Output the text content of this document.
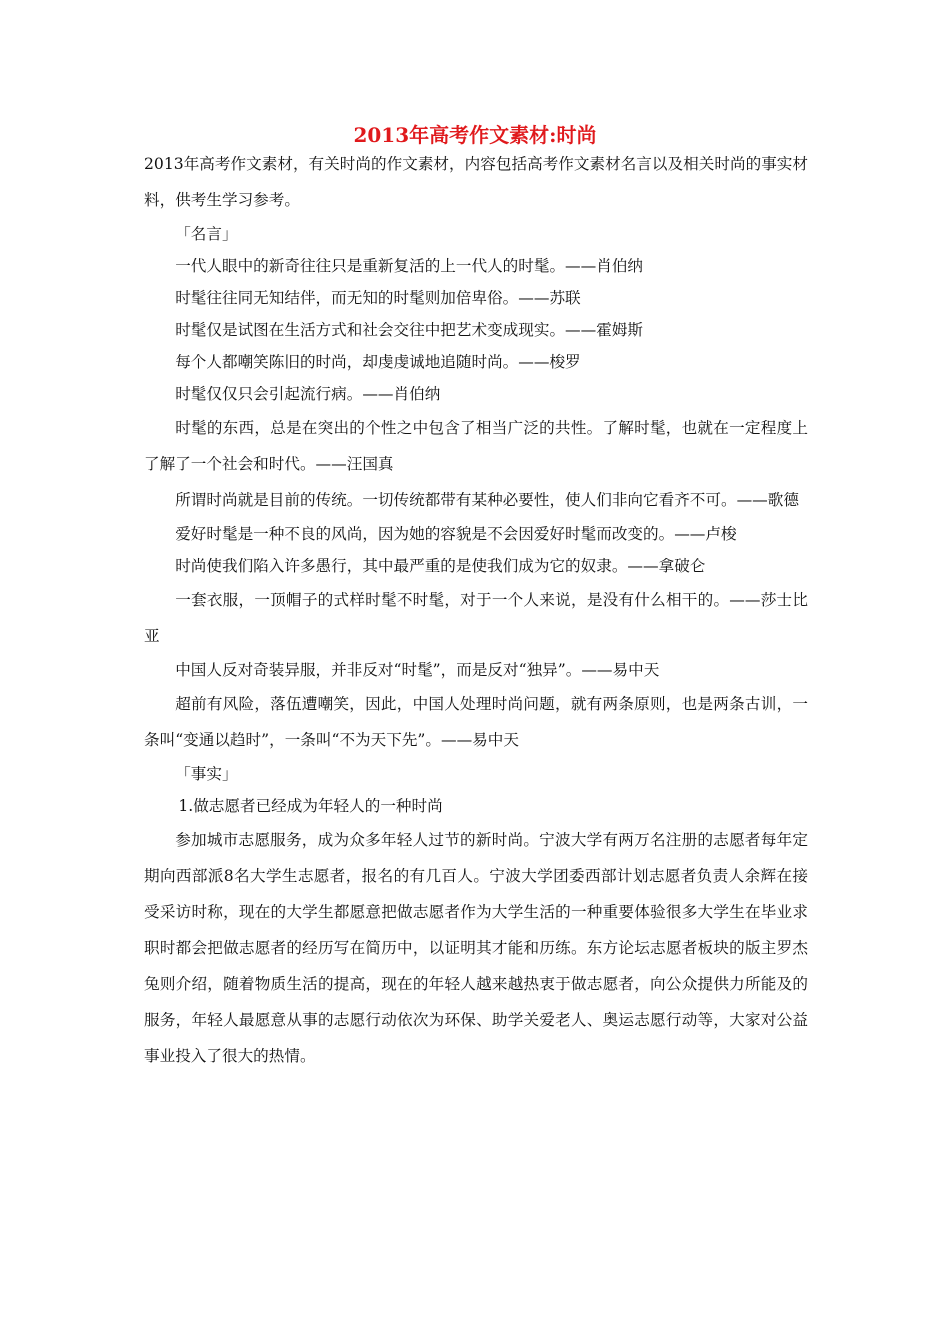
2013年高考作文素材:时尚

2013年高考作文素材，有关时尚的作文素材，内容包括高考作文素材名言以及相关时尚的事实材料，供考生学习参考。

「名言」

一代人眼中的新奇往往只是重新复活的上一代人的时髦。——肖伯纳

时髦往往同无知结伴，而无知的时髦则加倍卑俗。——苏联

时髦仅是试图在生活方式和社会交往中把艺术变成现实。——霍姆斯

每个人都嘲笑陈旧的时尚，却虔虔诚地追随时尚。——梭罗

时髦仅仅只会引起流行病。——肖伯纳

时髦的东西，总是在突出的个性之中包含了相当广泛的共性。了解时髦，也就在一定程度上了解了一个社会和时代。——汪国真

所谓时尚就是目前的传统。一切传统都带有某种必要性，使人们非向它看齐不可。——歌德

爱好时髦是一种不良的风尚，因为她的容貌是不会因爱好时髦而改变的。——卢梭

时尚使我们陷入许多愚行，其中最严重的是使我们成为它的奴隶。——拿破仑

一套衣服，一顶帽子的式样时髦不时髦，对于一个人来说，是没有什么相干的。——莎士比亚

中国人反对奇装异服，并非反对“时髦”，而是反对“独异”。——易中天

超前有风险，落伍遭嘲笑，因此，中国人处理时尚问题，就有两条原则，也是两条古训，一条叫“变通以趋时”，一条叫“不为天下先”。——易中天

「事实」

1.做志愿者已经成为年轻人的一种时尚

参加城市志愿服务，成为众多年轻人过节的新时尚。宁波大学有两万名注册的志愿者每年定期向西部派8名大学生志愿者，报名的有几百人。宁波大学团委西部计划志愿者负责人余辉在接受采访时称，现在的大学生都愿意把做志愿者作为大学生活的一种重要体验很多大学生在毕业求职时都会把做志愿者的经历写在简历中，以证明其才能和历练。东方论坛志愿者板块的版主罗杰兔则介绍，随着物质生活的提高，现在的年轻人越来越热衷于做志愿者，向公众提供力所能及的服务，年轻人最愿意从事的志愿行动依次为环保、助学关爱老人、奥运志愿行动等，大家对公益事业投入了很大的热情。
